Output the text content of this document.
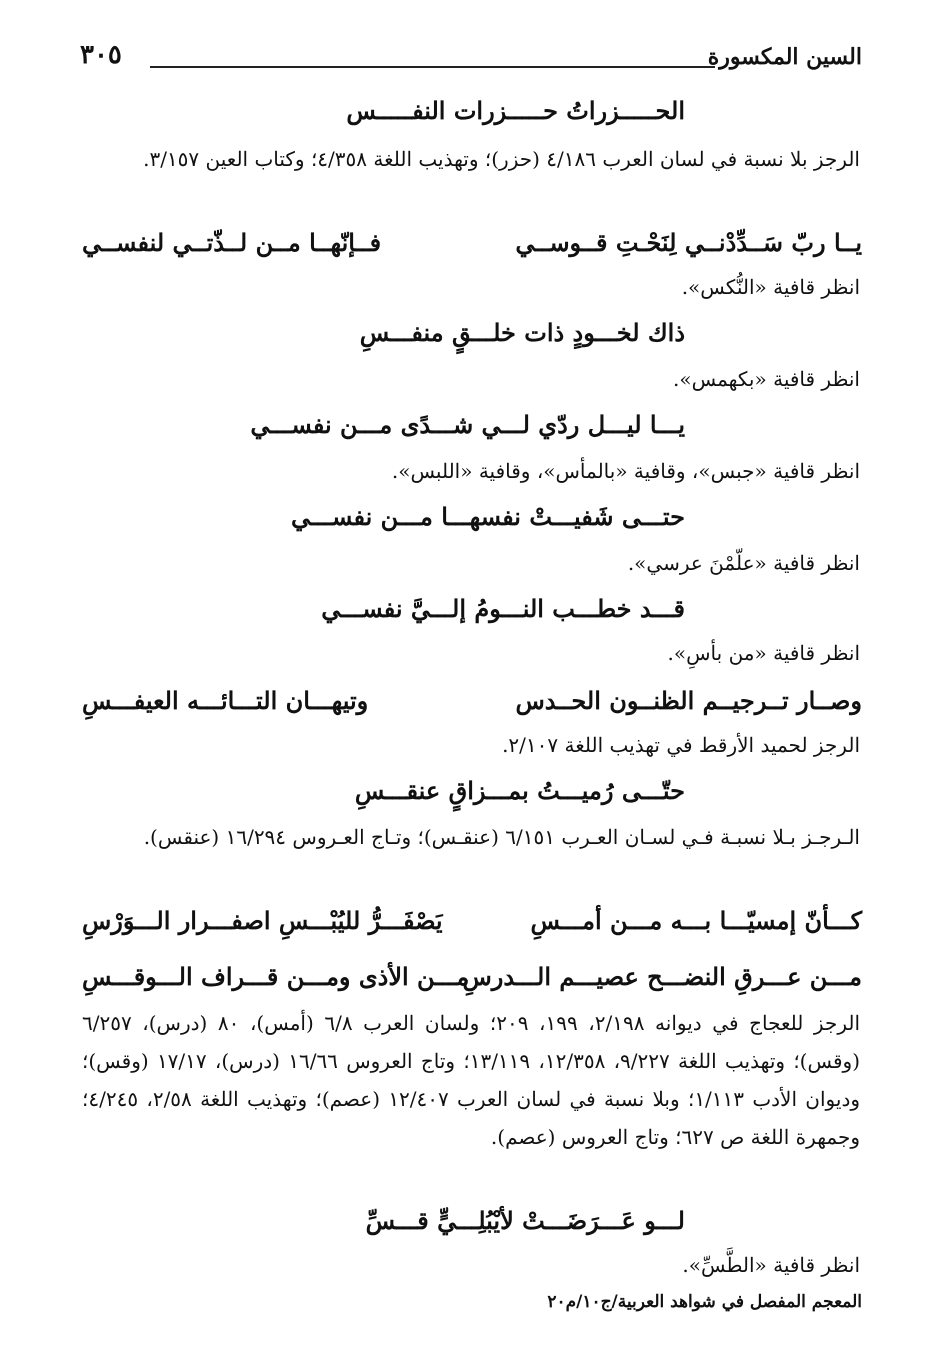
السين المكسورة
٣٠٥
الحـــــزراتُ حـــــزرات النفـــــس
الرجز بلا نسبة في لسان العرب ٤/١٨٦ (حزر)؛ وتهذيب اللغة ٤/٣٥٨؛ وكتاب العين ٣/١٥٧.
يــا ربّ سَــدِّدْنــي لِنَحْـتِ قــوســي
فــإنّهــا مــن لــذّتــي لنفســي
انظر قافية «النُّكس».
ذاك لخـــودٍ ذات خلـــقٍ منفـــسِ
انظر قافية «بكهمس».
يـــا ليـــل ردّي لـــي شـــدًى مـــن نفســـي
انظر قافية «جبس»، وقافية «بالمأس»، وقافية «اللبس».
حتـــى شَفيـــتْ نفسهـــا مـــن نفســـي
انظر قافية «علّمْنَ عرسي».
قـــد خطـــب النـــومُ إلـــيَّ نفســـي
انظر قافية «من بأسِ».
وصــار تــرجيــم الظنــون الحــدس
وتيهـــان التـــائـــه العيفـــسِ
الرجز لحميد الأرقط في تهذيب اللغة ٢/١٠٧.
حتّـــى رُميـــتُ بمـــزاقٍ عنقـــسِ
الـرجـز بـلا نسبـة فـي لسـان العـرب ٦/١٥١ (عنقـس)؛ وتـاج العـروس ١٦/٢٩٤ (عنقس).
كـــأنّ إمسيّـــا بـــه مـــن أمـــسِ
يَصْفَـــرُّ لليُبْـــسِ اصفـــرار الـــوَرْسِ
مـــن عـــرقِ النضـــح عصيـــم الـــدرسِ
مـــن الأذى ومـــن قـــراف الـــوقـــسِ
الرجز للعجاج في ديوانه ٢/١٩٨، ١٩٩، ٢٠٩؛ ولسان العرب ٦/٨ (أمس)، ٨٠ (درس)، ٦/٢٥٧ (وقس)؛ وتهذيب اللغة ٩/٢٢٧، ١٢/٣٥٨، ١٣/١١٩؛ وتاج العروس ١٦/٦٦ (درس)، ١٧/١٧ (وقس)؛ وديوان الأدب ١/١١٣؛ وبلا نسبة في لسان العرب ١٢/٤٠٧ (عصم)؛ وتهذيب اللغة ٢/٥٨، ٤/٢٤٥؛ وجمهرة اللغة ص ٦٢٧؛ وتاج العروس (عصم).
لـــو عَـــرَضَـــتْ لأيْبُلِـــيٍّ قـــسِّ
انظر قافية «الطَّسِّ».
المعجم المفصل في شواهد العربية/ج١٠/م٢٠
